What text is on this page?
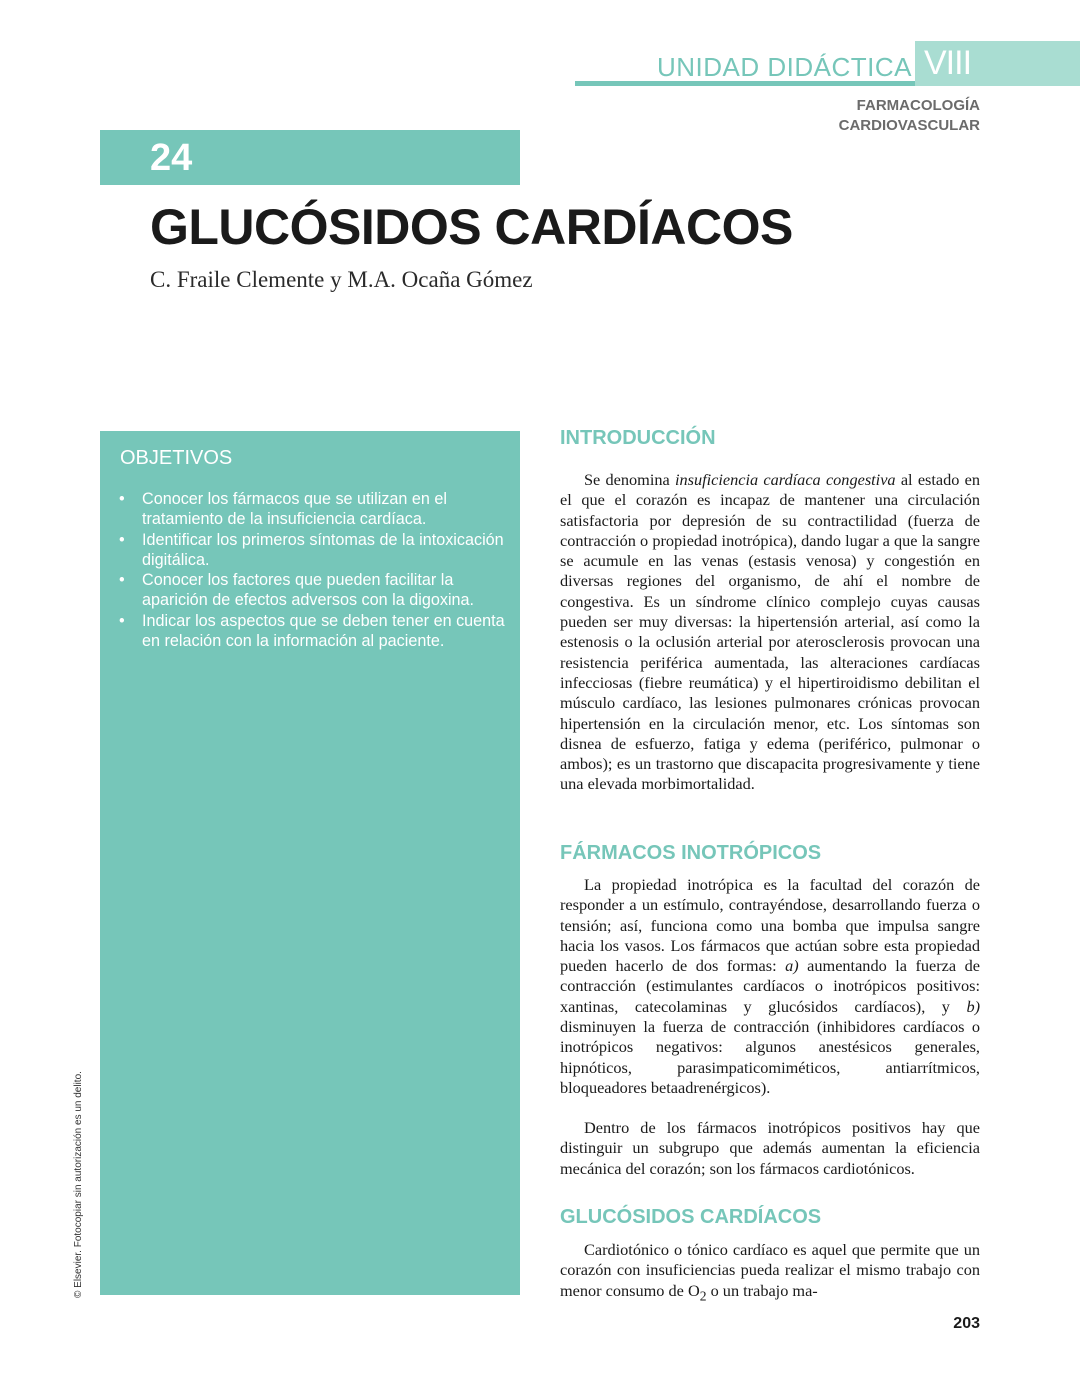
UNIDAD DIDÁCTICA VIII
FARMACOLOGÍA
CARDIOVASCULAR
24
GLUCÓSIDOS CARDÍACOS
C. Fraile Clemente y M.A. Ocaña Gómez
OBJETIVOS
• Conocer los fármacos que se utilizan en el tratamiento de la insuficiencia cardíaca.
• Identificar los primeros síntomas de la intoxicación digitálica.
• Conocer los factores que pueden facilitar la aparición de efectos adversos con la digoxina.
• Indicar los aspectos que se deben tener en cuenta en relación con la información al paciente.
© Elsevier. Fotocopiar sin autorización es un delito.
INTRODUCCIÓN

Se denomina insuficiencia cardíaca congestiva al estado en el que el corazón es incapaz de mantener una circulación satisfactoria por depresión de su contractilidad (fuerza de contracción o propiedad inotrópica), dando lugar a que la sangre se acumule en las venas (estasis venosa) y congestión en diversas regiones del organismo, de ahí el nombre de congestiva. Es un síndrome clínico complejo cuyas causas pueden ser muy diversas: la hipertensión arterial, así como la estenosis o la oclusión arterial por aterosclerosis provocan una resistencia periférica aumentada, las alteraciones cardíacas infecciosas (fiebre reumática) y el hipertiroidismo debilitan el músculo cardíaco, las lesiones pulmonares crónicas provocan hipertensión en la circulación menor, etc. Los síntomas son disnea de esfuerzo, fatiga y edema (periférico, pulmonar o ambos); es un trastorno que discapacita progresivamente y tiene una elevada morbimortalidad.

FÁRMACOS INOTRÓPICOS

La propiedad inotrópica es la facultad del corazón de responder a un estímulo, contrayéndose, desarrollando fuerza o tensión; así, funciona como una bomba que impulsa sangre hacia los vasos. Los fármacos que actúan sobre esta propiedad pueden hacerlo de dos formas: a) aumentando la fuerza de contracción (estimulantes cardíacos o inotrópicos positivos: xantinas, catecolaminas y glucósidos cardíacos), y b) disminuyen la fuerza de contracción (inhibidores cardíacos o inotrópicos negativos: algunos anestésicos generales, hipnóticos, parasimpaticomiméticos, antiarrítmicos, bloqueadores betaadrenérgicos).

Dentro de los fármacos inotrópicos positivos hay que distinguir un subgrupo que además aumentan la eficiencia mecánica del corazón; son los fármacos cardiotónicos.

GLUCÓSIDOS CARDÍACOS

Cardiotónico o tónico cardíaco es aquel que permite que un corazón con insuficiencias pueda realizar el mismo trabajo con menor consumo de $O_2$ o un trabajo ma-

203
